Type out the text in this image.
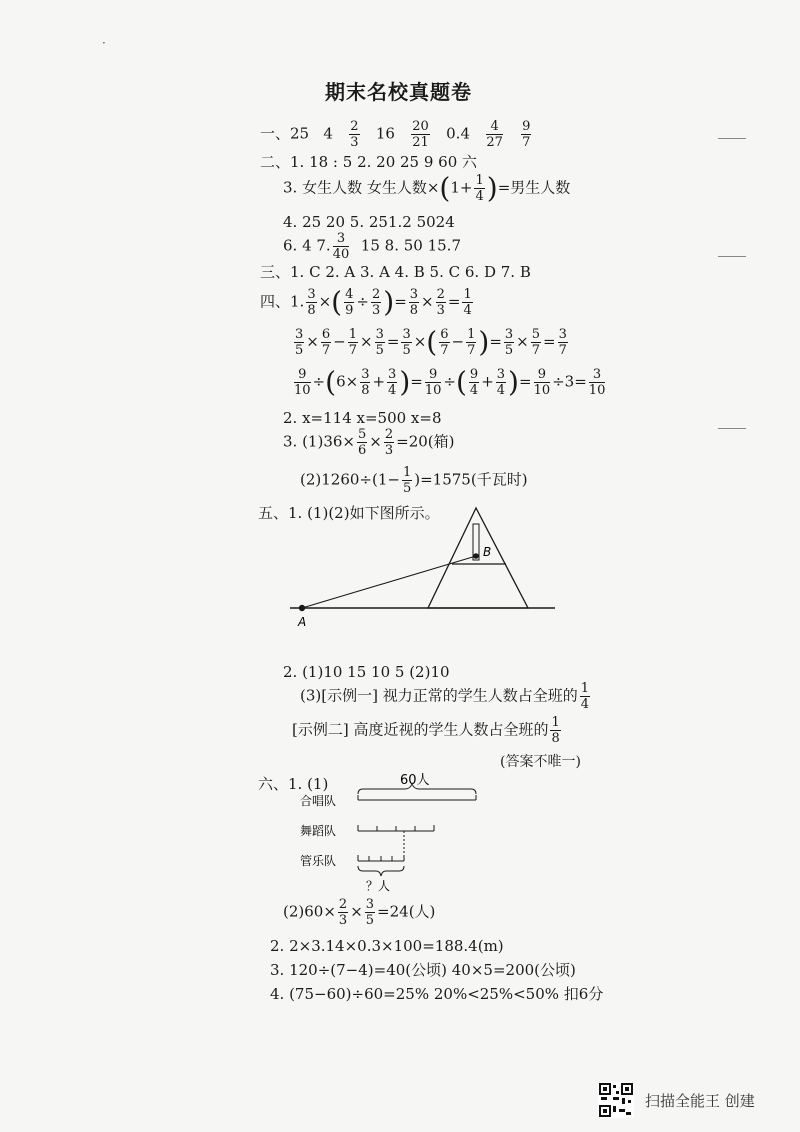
·
期末名校真题卷
一、25 $4 \frac{2}{3} 16 \frac{20}{21} 0.4 \frac{4}{27}$
$\frac{9}{7}$
二、1. 18 : 5 2. 20 25 9 60 六
3. 女生人数 女生人数$\times(1+ \frac{1}{4}$ )=男生人数
4. 25 20 5. 251.2 5024
6. 4 7. $\frac{3}{40} 15$ 8. 50 15.7
三、1. C 2. A 3. A 4. B 5. C 6. D 7. B
四、1. $\frac{3}{8}$ ×( $\frac{4}{9} \div \frac{2}{3}$ )= $\frac{3}{8} \times \frac{2}{3} = \frac{1}{4}$
$\frac{3}{5} \times \frac{6}{7} - \frac{1}{7} \times \frac{3}{5} = \frac{3}{5}$ ×( $\frac{6}{7} - \frac{1}{7}$ )= $\frac{3}{5} \times \frac{5}{7} = \frac{3}{7}$
$\frac{9}{10} \div(6\times \frac{3}{8} + \frac{3}{4}$ )= $\frac{9}{10}$ ÷( $\frac{9}{4} + \frac{3}{4}$ )= $\frac{9}{10} \div 3= \frac{3}{10}$
2. x=114 x=500 x=8
3. $(1)36\times \frac{5}{6} \times \frac{2}{3} =20$(箱)
$(2)1260\div(1- \frac{1}{5} )=1575$(千瓦时)
五、1. (1)(2)如下图所示。
A
B
2. (1)10 15 10 5 (2)10
(3)[示例一] 视力正常的学生人数占全班的 $\frac{1}{4}$
[示例二] 高度近视的学生人数占全班的 $\frac{1}{8}$
(答案不唯一)
六、1. (1)	60人
合唱队
舞蹈队
管乐队
？人
$(2)60\times \frac{2}{3} \times \frac{3}{5} =24$(人)
2. 2×3.14×0.3×100=188.4(m)
3. 120÷(7−4)=40(公顷) 40×5=200(公顷)
4. (75−60)÷60=25% 20%<25%<50% 扣6分
扫描全能王 创建
